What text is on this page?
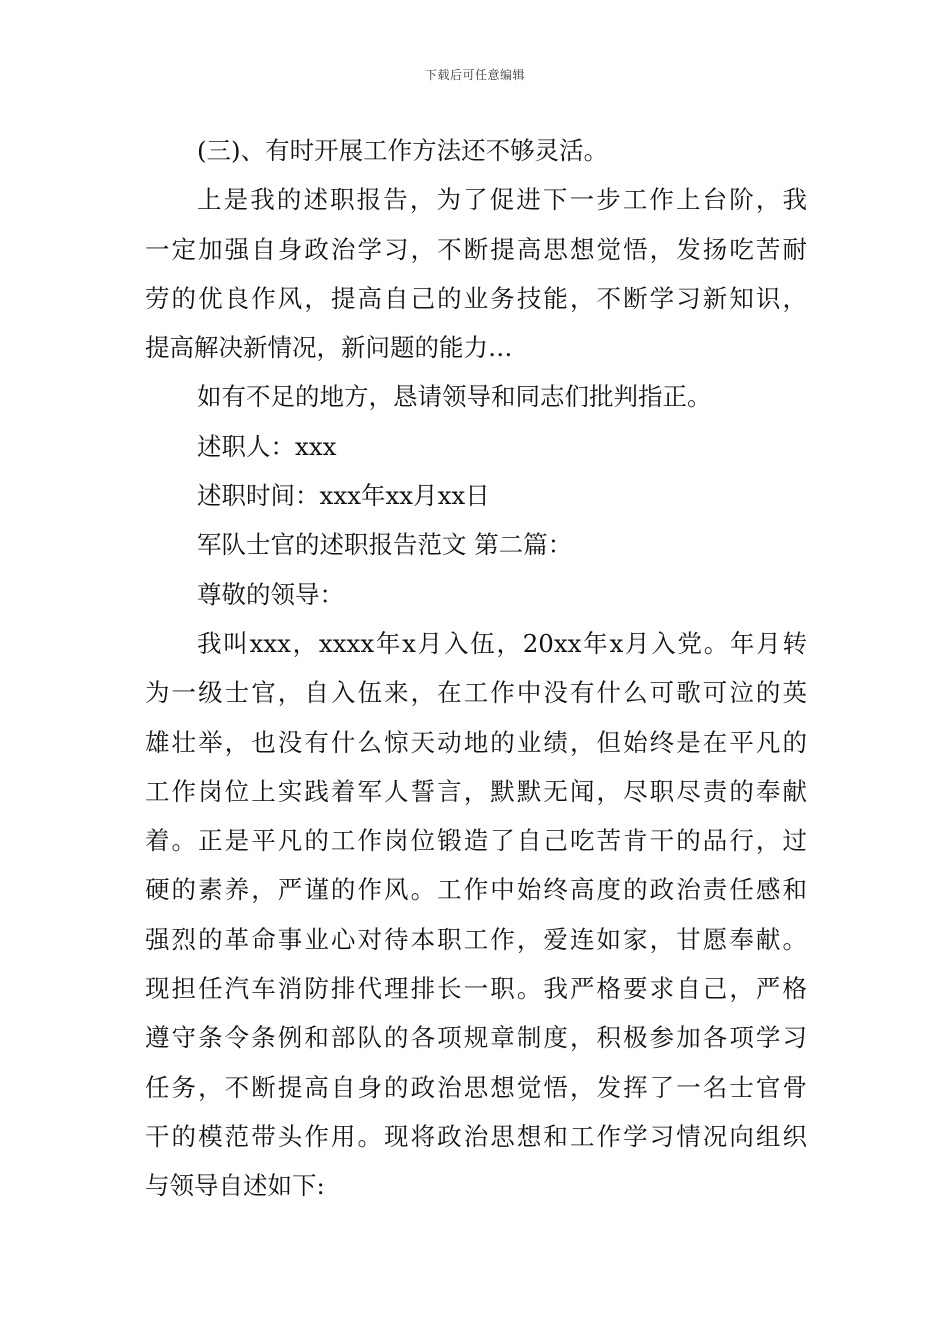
下载后可任意编辑
(三)、有时开展工作方法还不够灵活。
上是我的述职报告，为了促进下一步工作上台阶，我
一定加强自身政治学习，不断提高思想觉悟，发扬吃苦耐
劳的优良作风，提高自己的业务技能，不断学习新知识，
提高解决新情况，新问题的能力…
如有不足的地方，恳请领导和同志们批判指正。
述职人：xxx
述职时间：xxx年xx月xx日
军队士官的述职报告范文 第二篇：
尊敬的领导：
我叫xxx，xxxx年x月入伍，20xx年x月入党。年月转
为一级士官，自入伍来，在工作中没有什么可歌可泣的英
雄壮举，也没有什么惊天动地的业绩，但始终是在平凡的
工作岗位上实践着军人誓言，默默无闻，尽职尽责的奉献
着。正是平凡的工作岗位锻造了自己吃苦肯干的品行，过
硬的素养，严谨的作风。工作中始终高度的政治责任感和
强烈的革命事业心对待本职工作，爱连如家，甘愿奉献。
现担任汽车消防排代理排长一职。我严格要求自己，严格
遵守条令条例和部队的各项规章制度，积极参加各项学习
任务，不断提高自身的政治思想觉悟，发挥了一名士官骨
干的模范带头作用。现将政治思想和工作学习情况向组织
与领导自述如下:
